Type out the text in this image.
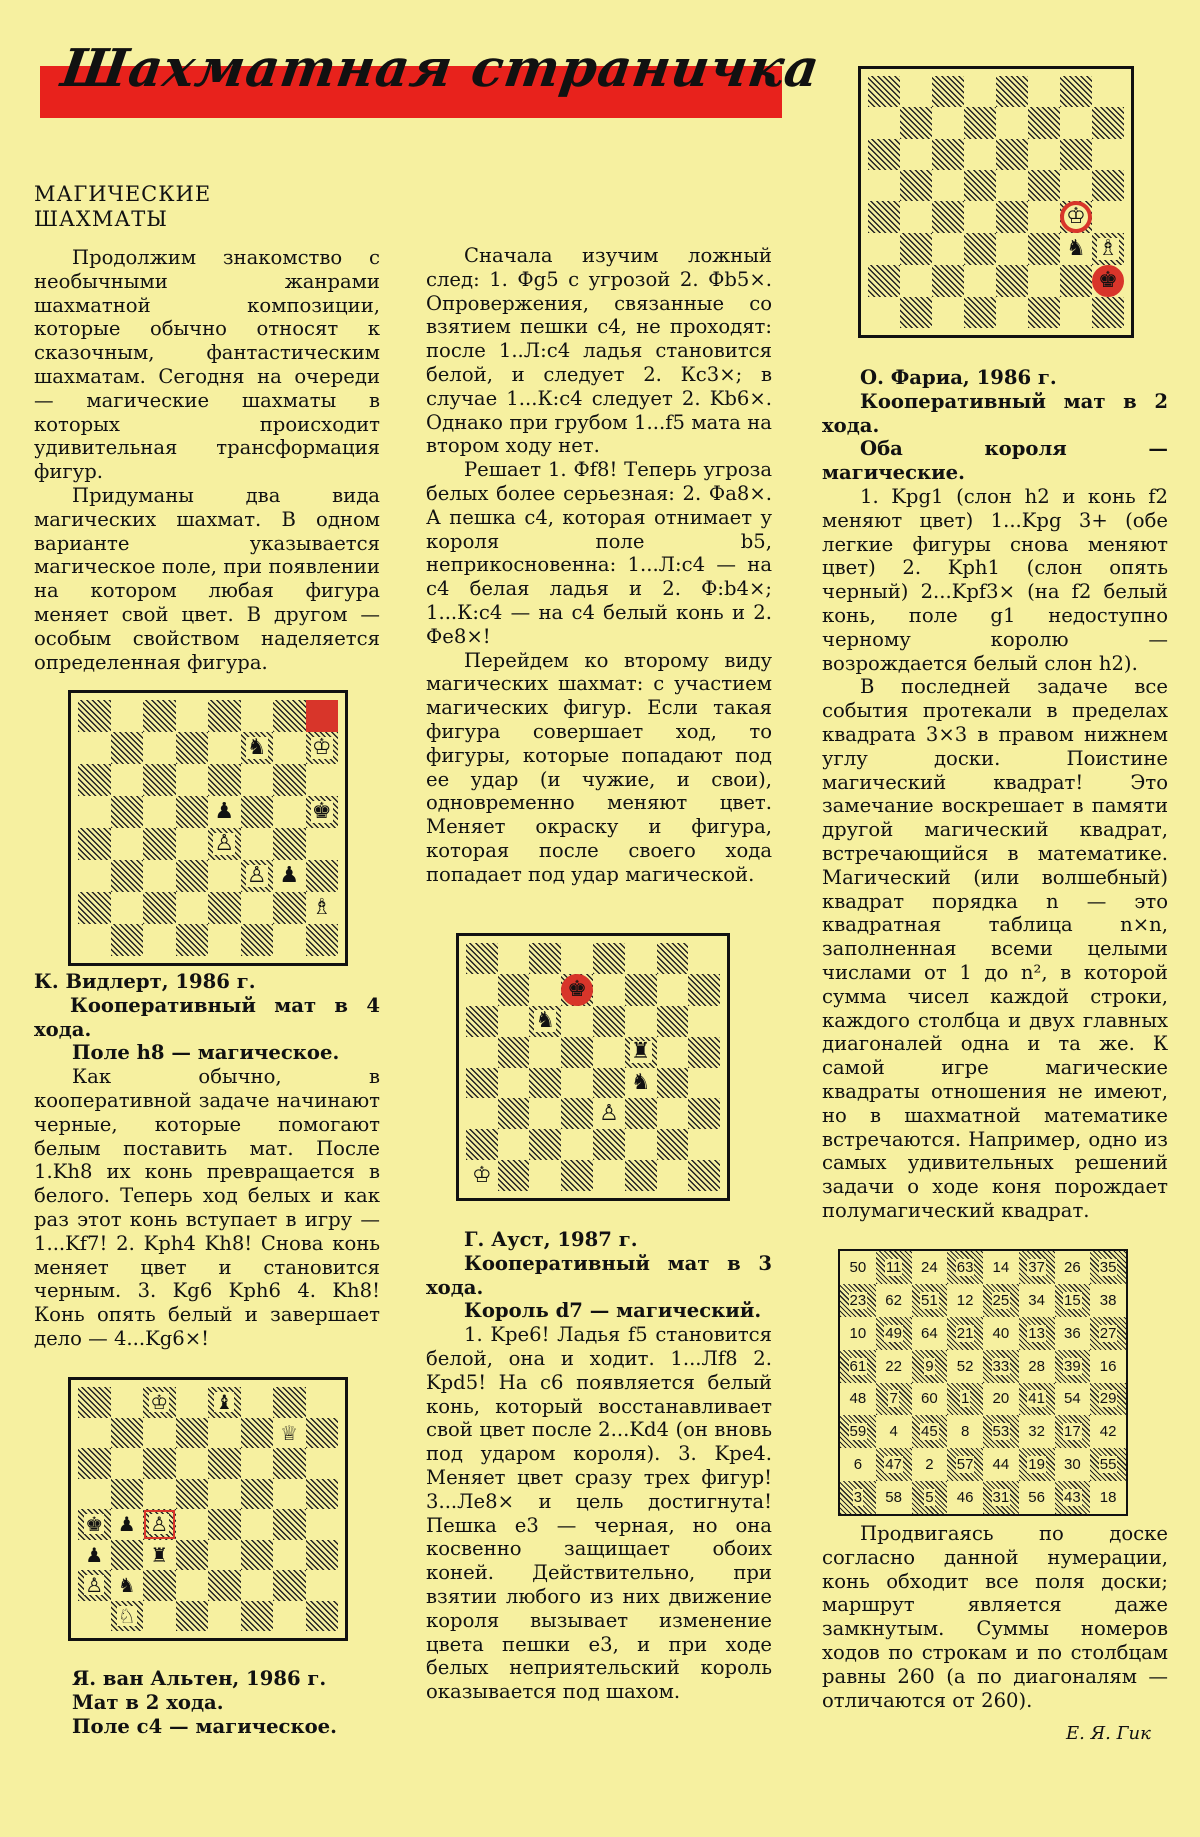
Шахматная страничка
МАГИЧЕСКИЕ
ШАХМАТЫ

Продолжим знакомство с необычными жанрами шахматной композиции, которые обычно относят к сказочным, фантастическим шахматам. Сегодня на очереди — магические шахматы в которых происходит удивительная трансформация фигур.

Придуманы два вида магических шахмат. В одном варианте указывается магическое поле, при появлении на котором любая фигура меняет свой цвет. В другом — особым свойством наделяется определенная фигура.

♞ ♔
♟	♚
♙
♙ ♟
♗

К. Видлерт, 1986 г.

Кооперативный мат в 4 хода.

Поле h8 — магическое.

Как обычно, в кооперативной задаче начинают черные, которые помогают белым поставить мат. После 1.Kh8 их конь превращается в белого. Теперь ход белых и как раз этот конь вступает в игру — 1...Kf7! 2. Kph4 Kh8! Снова конь меняет цвет и становится черным. 3. Kg6 Kph6 4. Kh8! Конь опять белый и завершает дело — 4...Kg6×!

♔ ♝
♕
♚ ♟ ♙
♟ ♜
♙ ♞
♘

Я. ван Альтен, 1986 г.

Мат в 2 хода.

Поле с4 — магическое.

Сначала изучим ложный след: 1. Фg5 с угрозой 2. Фb5×. Опровержения, связанные со взятием пешки с4, не проходят: после 1..Л:с4 ладья становится белой, и следует 2. Кс3×; в случае 1...К:с4 следует 2. Kb6×. Однако при грубом 1...f5 мата на втором ходу нет.

Решает 1. Фf8! Теперь угроза белых более серьезная: 2. Фа8×. А пешка с4, которая отнимает у короля поле b5, неприкосновенна: 1...Л:с4 — на с4 белая ладья и 2. Ф:b4×; 1...К:с4 — на с4 белый конь и 2. Фе8×!

Перейдем ко второму виду магических шахмат: с участием магических фигур. Если такая фигура совершает ход, то фигуры, которые попадают под ее удар (и чужие, и свои), одновременно меняют цвет. Меняет окраску и фигура, которая после своего хода попадает под удар магической.

♚
♞
♜
♞
♙
♔

Г. Ауст, 1987 г.

Кооперативный мат в 3 хода.

Король d7 — магический.

1. Kpe6! Ладья f5 становится белой, она и ходит. 1...Лf8 2. Kpd5! На с6 появляется белый конь, который восстанавливает свой цвет после 2...Kd4 (он вновь под ударом короля). 3. Kpe4. Меняет цвет сразу трех фигур! 3...Ле8× и цель достигнута! Пешка е3 — черная, но она косвенно защищает обоих коней. Действительно, при взятии любого из них движение короля вызывает изменение цвета пешки е3, и при ходе белых неприятельский король оказывается под шахом.

♔
♞ ♗
♚

О. Фариа, 1986 г.

Кооперативный мат в 2 хода.

Оба короля — магические.

1. Kpg1 (слон h2 и конь f2 меняют цвет) 1...Kpg 3+ (обе легкие фигуры снова меняют цвет) 2. Kph1 (слон опять черный) 2...Kpf3× (на f2 белый конь, поле g1 недоступно черному королю — возрождается белый слон h2).

В последней задаче все события протекали в пределах квадрата 3×3 в правом нижнем углу доски. Поистине магический квадрат! Это замечание воскрешает в памяти другой магический квадрат, встречающийся в математике. Магический (или волшебный) квадрат порядка n — это квадратная таблица n×n, заполненная всеми целыми числами от 1 до n², в которой сумма чисел каждой строки, каждого столбца и двух главных диагоналей одна и та же. К самой игре магические квадраты отношения не имеют, но в шахматной математике встречаются. Например, одно из самых удивительных решений задачи о ходе коня порождает полумагический квадрат.

50 11 24 63 14 37 26 35
23 62 51 12 25 34 15 38
10 49 64 21 40 13 36 27
61 22 9 52 33 28 39 16
48 7 60 1 20 41 54 29
59 4 45 8 53 32 17 42
6 47 2 57 44 19 30 55
3 58 5 46 31 56 43 18

Продвигаясь по доске согласно данной нумерации, конь обходит все поля доски; маршрут является даже замкнутым. Суммы номеров ходов по строкам и по столбцам равны 260 (а по диагоналям — отличаются от 260).

Е. Я. Гик
